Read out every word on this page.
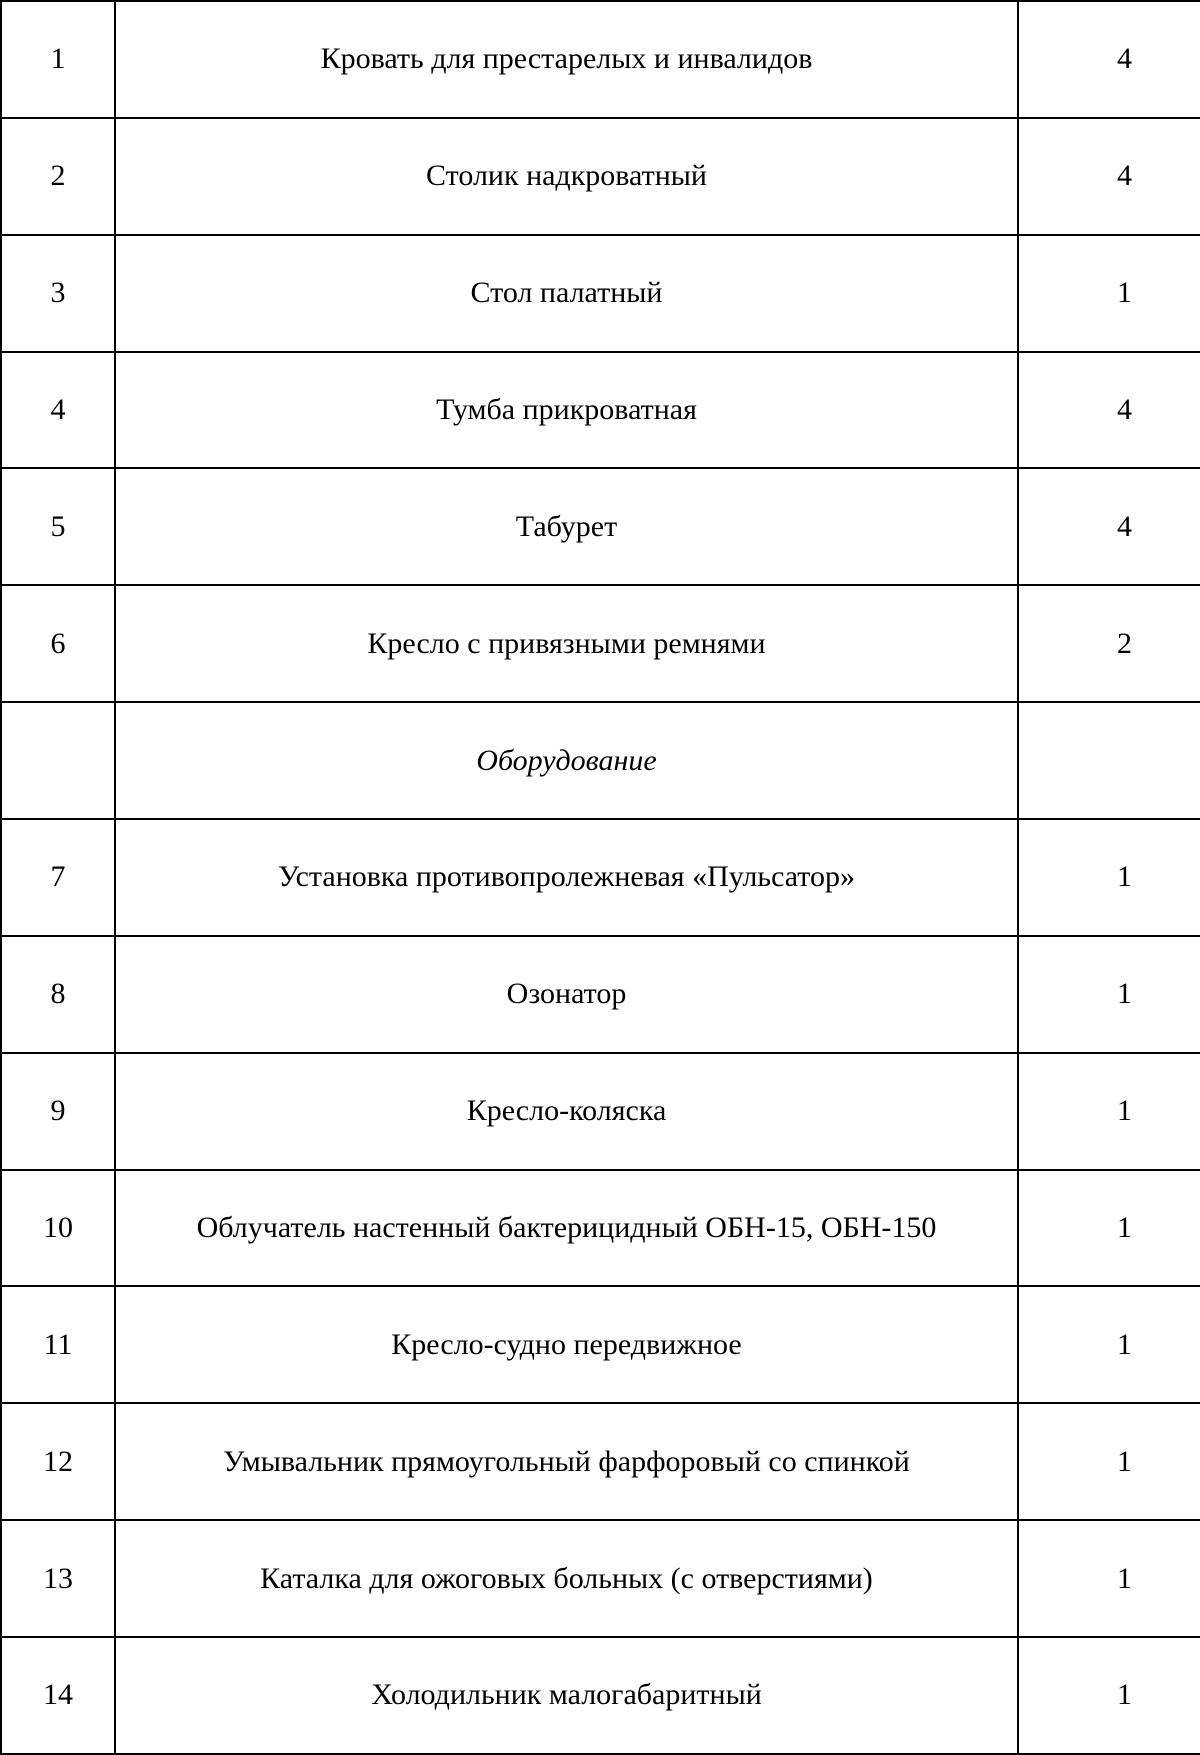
1	Кровать для престарелых и инвалидов	4
2	Столик надкроватный	4
3	Стол палатный	1
4	Тумба прикроватная	4
5	Табурет	4
6	Кресло с привязными ремнями	2
	Оборудование	
7	Установка противопролежневая «Пульсатор»	1
8	Озонатор	1
9	Кресло-коляска	1
10	Облучатель настенный бактерицидный ОБН-15, ОБН-150	1
11	Кресло-судно передвижное	1
12	Умывальник прямоугольный фарфоровый со спинкой	1
13	Каталка для ожоговых больных (с отверстиями)	1
14	Холодильник малогабаритный	1
